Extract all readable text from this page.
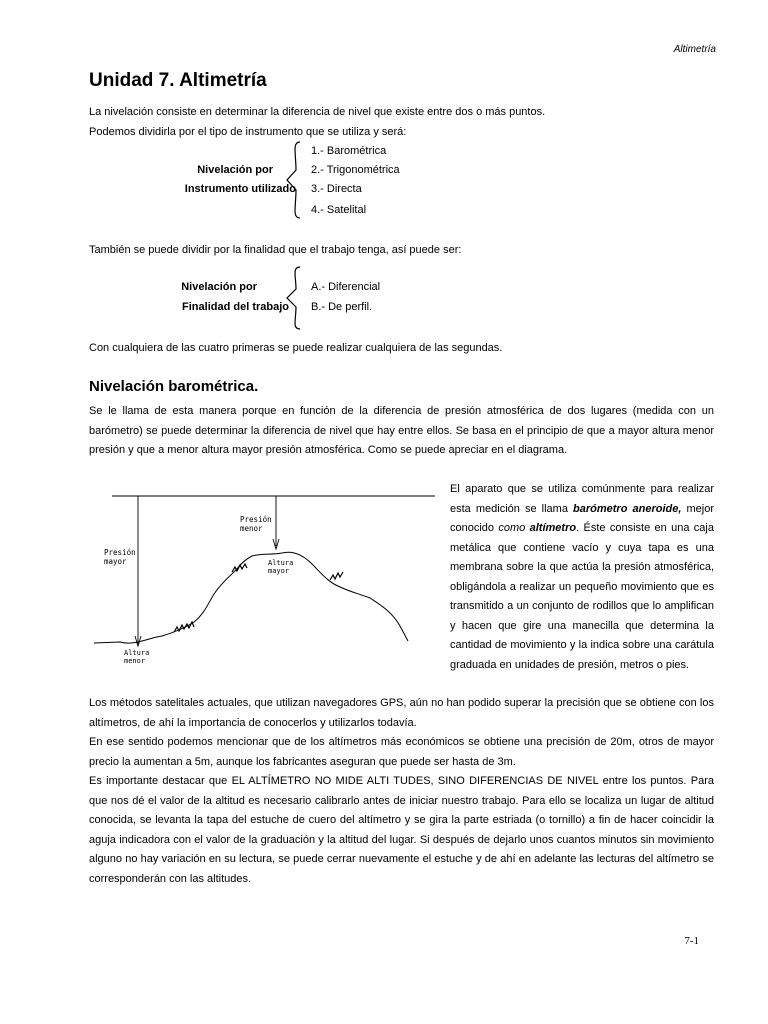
Altimetría
Unidad 7. Altimetría
La nivelación consiste en determinar la diferencia de nivel que existe entre dos o más puntos.
Podemos dividirla por el tipo de instrumento que se utiliza y será:
Nivelación por
Instrumento utilizado
1.- Barométrica
2.- Trigonométrica
3.- Directa
4.- Satelital
También se puede dividir por la finalidad que el trabajo tenga, así puede ser:
Nivelación por
Finalidad del trabajo
A.- Diferencial
B.- De perfil.
Con cualquiera de las cuatro primeras se puede realizar cualquiera de las segundas.
Nivelación barométrica.
Se le llama de esta manera porque en función de la diferencia de presión atmosférica de dos lugares (medida con un barómetro) se puede determinar la diferencia de nivel que hay entre ellos. Se basa en el principio de que a mayor altura menor presión y que a menor altura mayor presión atmosférica. Como se puede apreciar en el diagrama.
Presión
menor
Presión
mayor	Altura
mayor
Altura
menor
El aparato que se utiliza comúnmente para realizar esta medición se llama barómetro aneroide, mejor conocido como altímetro. Éste consiste en una caja metálica que contiene vacío y cuya tapa es una membrana sobre la que actúa la presión atmosférica, obligándola a realizar un pequeño movimiento que es transmitido a un conjunto de rodillos que lo amplifican y hacen que gire una manecilla que determina la cantidad de movimiento y la indica sobre una carátula graduada en unidades de presión, metros o pies.
Los métodos satelitales actuales, que utilizan navegadores GPS, aún no han podido superar la precisión que se obtiene con los altímetros, de ahí la importancia de conocerlos y utilizarlos todavía.
En ese sentido podemos mencionar que de los altímetros más económicos se obtiene una precisión de 20m, otros de mayor precio la aumentan a 5m, aunque los fabricantes aseguran que puede ser hasta de 3m.
Es importante destacar que EL ALTÍMETRO NO MIDE ALTI TUDES, SINO DIFERENCIAS DE NIVEL entre los puntos. Para que nos dé el valor de la altitud es necesario calibrarlo antes de iniciar nuestro trabajo. Para ello se localiza un lugar de altitud conocida, se levanta la tapa del estuche de cuero del altímetro y se gira la parte estriada (o tornillo) a fin de hacer coincidir la aguja indicadora con el valor de la graduación y la altitud del lugar. Si después de dejarlo unos cuantos minutos sin movimiento alguno no hay variación en su lectura, se puede cerrar nuevamente el estuche y de ahí en adelante las lecturas del altímetro se corresponderán con las altitudes.
7-1
